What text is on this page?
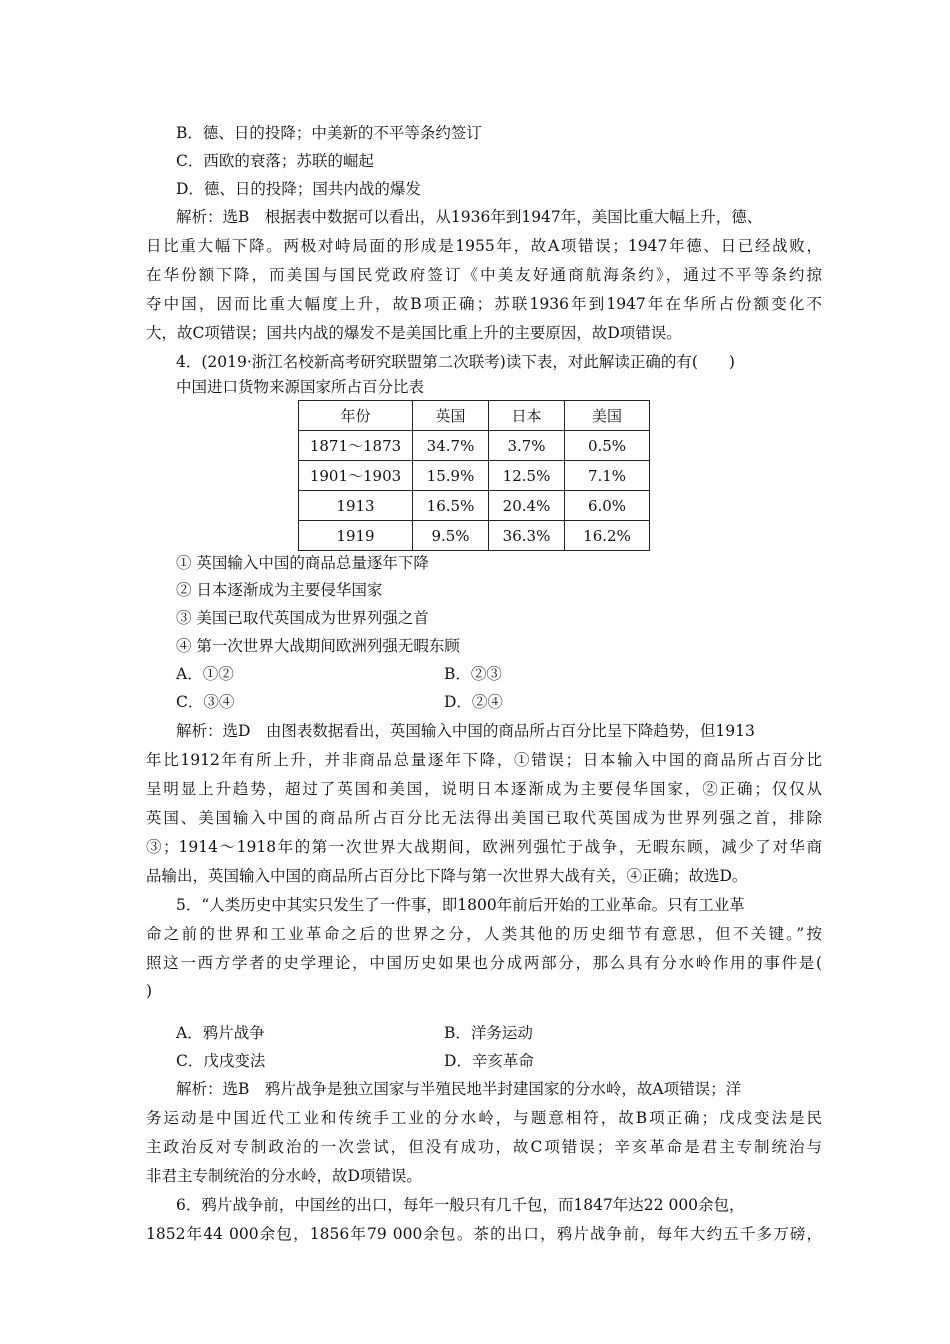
B．德、日的投降；中美新的不平等条约签订
C．西欧的衰落；苏联的崛起
D．德、日的投降；国共内战的爆发
解析：选B　根据表中数据可以看出，从1936年到1947年，美国比重大幅上升，德、
日比重大幅下降。两极对峙局面的形成是1955年，故A项错误；1947年德、日已经战败，
在华份额下降，而美国与国民党政府签订《中美友好通商航海条约》，通过不平等条约掠
夺中国，因而比重大幅度上升，故B项正确；苏联1936年到1947年在华所占份额变化不
大，故C项错误；国共内战的爆发不是美国比重上升的主要原因，故D项错误。
4．(2019·浙江名校新高考研究联盟第二次联考)读下表，对此解读正确的有(　　)
中国进口货物来源国家所占百分比表
年份	英国	日本	美国
1871～1873	34.7%	3.7%	0.5%
1901～1903	15.9%	12.5%	7.1%
1913	16.5%	20.4%	6.0%
1919	9.5%	36.3%	16.2%
① 英国输入中国的商品总量逐年下降
② 日本逐渐成为主要侵华国家
③ 美国已取代英国成为世界列强之首
④ 第一次世界大战期间欧洲列强无暇东顾
A．①②	B．②③
C．③④	D．②④
解析：选D　由图表数据看出，英国输入中国的商品所占百分比呈下降趋势，但1913
年比1912年有所上升，并非商品总量逐年下降，①错误；日本输入中国的商品所占百分比
呈明显上升趋势，超过了英国和美国，说明日本逐渐成为主要侵华国家，②正确；仅仅从
英国、美国输入中国的商品所占百分比无法得出美国已取代英国成为世界列强之首，排除
③；1914～1918年的第一次世界大战期间，欧洲列强忙于战争，无暇东顾，减少了对华商
品输出，英国输入中国的商品所占百分比下降与第一次世界大战有关，④正确；故选D。
5．“人类历史中其实只发生了一件事，即1800年前后开始的工业革命。只有工业革
命之前的世界和工业革命之后的世界之分，人类其他的历史细节有意思，但不关键。”按
照这一西方学者的史学理论，中国历史如果也分成两部分，那么具有分水岭作用的事件是(
)
A．鸦片战争	B．洋务运动
C．戊戌变法	D．辛亥革命
解析：选B　鸦片战争是独立国家与半殖民地半封建国家的分水岭，故A项错误；洋
务运动是中国近代工业和传统手工业的分水岭，与题意相符，故B项正确；戊戌变法是民
主政治反对专制政治的一次尝试，但没有成功，故C项错误；辛亥革命是君主专制统治与
非君主专制统治的分水岭，故D项错误。
6．鸦片战争前，中国丝的出口，每年一般只有几千包，而1847年达22 000余包，
1852年44 000余包，1856年79 000余包。茶的出口，鸦片战争前，每年大约五千多万磅，
